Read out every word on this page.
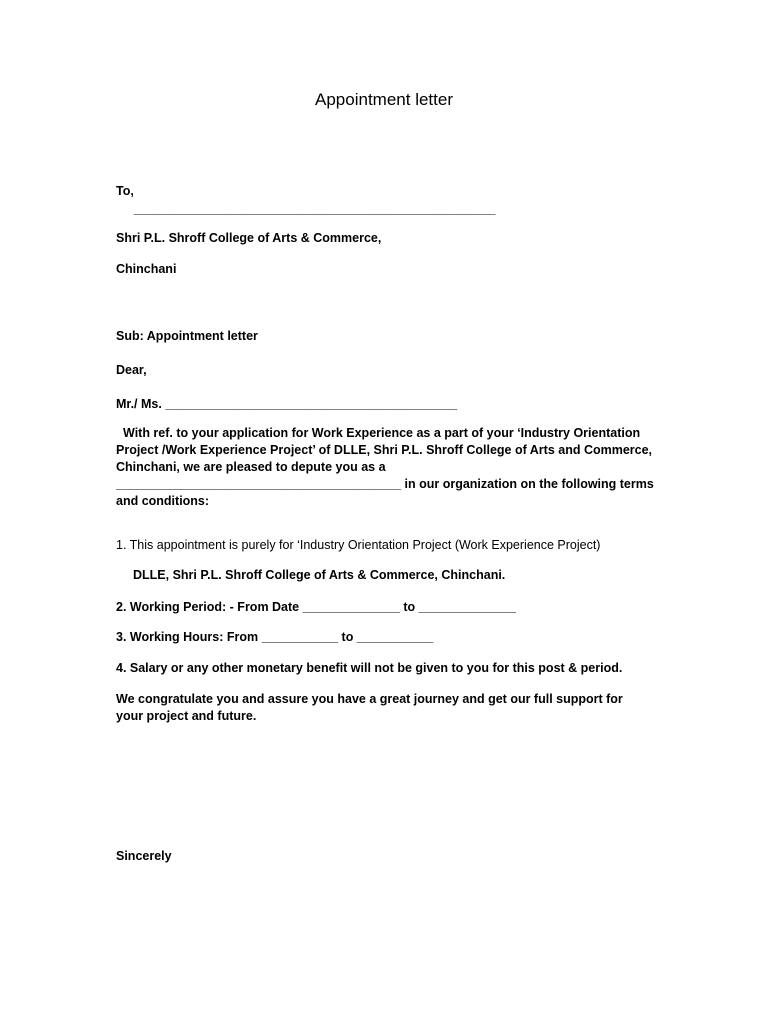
Appointment letter
To,
____________________________________________________
Shri P.L. Shroff College of Arts & Commerce,
Chinchani
Sub: Appointment letter
Dear,
Mr./ Ms. __________________________________________
With ref. to your application for Work Experience as a part of your ‘Industry Orientation Project /Work Experience Project’ of DLLE, Shri P.L. Shroff College of Arts and Commerce, Chinchani, we are pleased to depute you as a _________________________________________ in our organization on the following terms and conditions:
1. This appointment is purely for ‘Industry Orientation Project (Work Experience Project)
DLLE, Shri P.L. Shroff College of Arts & Commerce, Chinchani.
2. Working Period: - From Date ______________ to ______________
3. Working Hours: From ___________ to ___________
4. Salary or any other monetary benefit will not be given to you for this post & period.
We congratulate you and assure you have a great journey and get our full support for your project and future.
Sincerely
